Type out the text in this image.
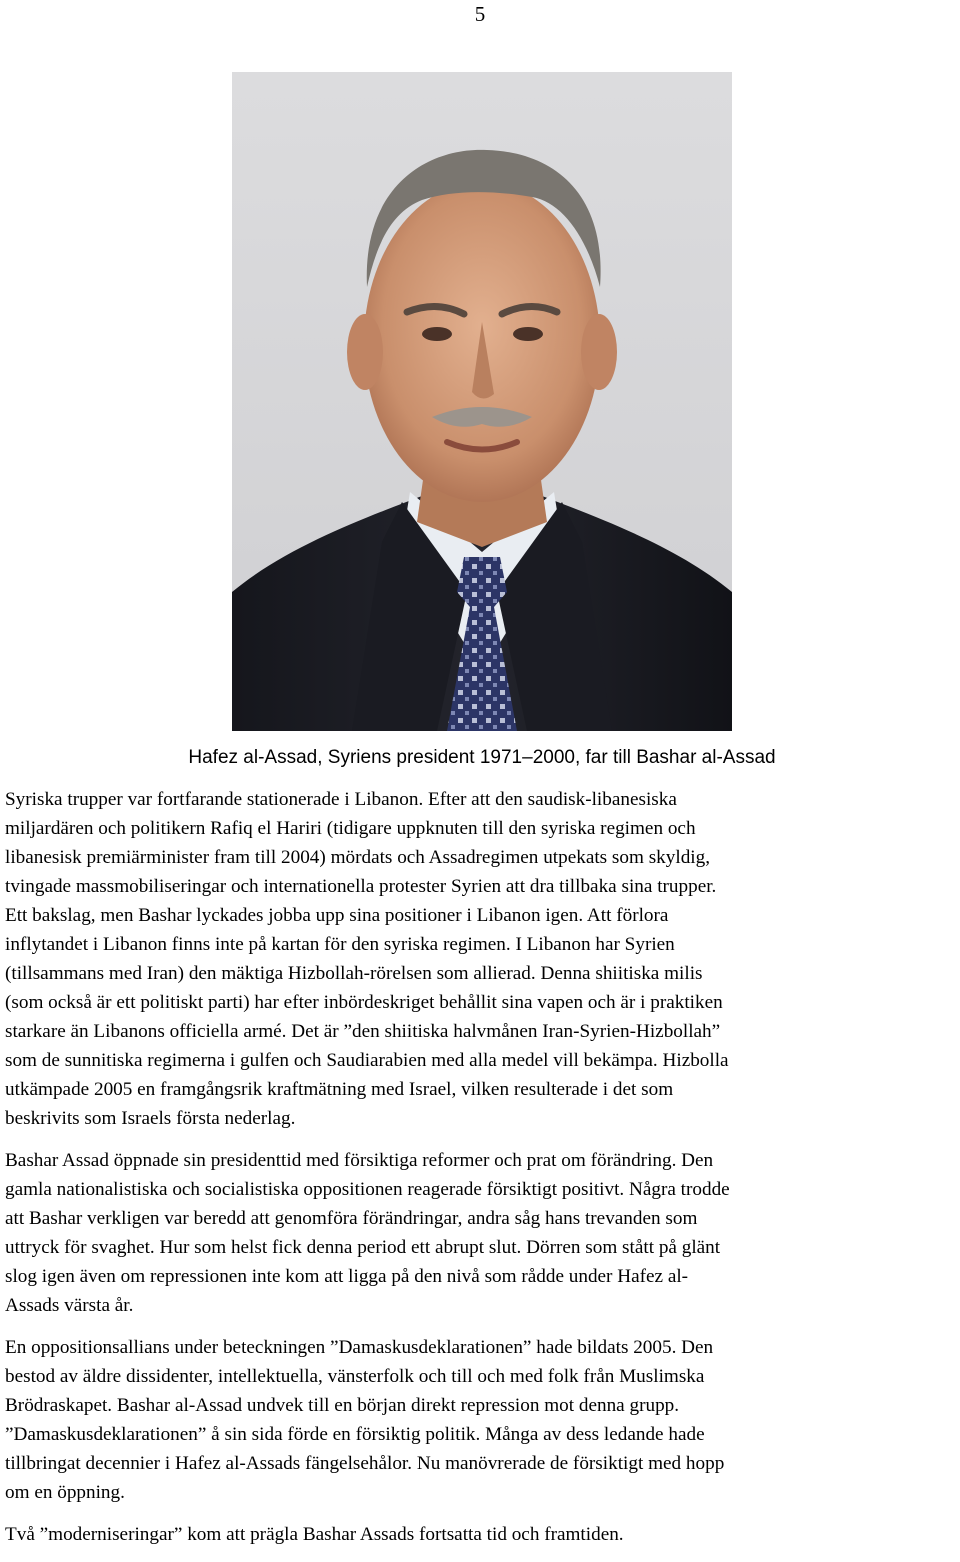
5
Hafez al-Assad, Syriens president 1971–2000, far till Bashar al-Assad

Syriska trupper var fortfarande stationerade i Libanon. Efter att den saudisk-libanesiska
miljardären och politikern Rafiq el Hariri (tidigare uppknuten till den syriska regimen och
libanesisk premiärminister fram till 2004) mördats och Assadregimen utpekats som skyldig,
tvingade massmobiliseringar och internationella protester Syrien att dra tillbaka sina trupper.
Ett bakslag, men Bashar lyckades jobba upp sina positioner i Libanon igen. Att förlora
inflytandet i Libanon finns inte på kartan för den syriska regimen. I Libanon har Syrien
(tillsammans med Iran) den mäktiga Hizbollah-rörelsen som allierad. Denna shiitiska milis
(som också är ett politiskt parti) har efter inbördeskriget behållit sina vapen och är i praktiken
starkare än Libanons officiella armé. Det är ”den shiitiska halvmånen Iran-Syrien-Hizbollah”
som de sunnitiska regimerna i gulfen och Saudiarabien med alla medel vill bekämpa. Hizbolla
utkämpade 2005 en framgångsrik kraftmätning med Israel, vilken resulterade i det som
beskrivits som Israels första nederlag.

Bashar Assad öppnade sin presidenttid med försiktiga reformer och prat om förändring. Den
gamla nationalistiska och socialistiska oppositionen reagerade försiktigt positivt. Några trodde
att Bashar verkligen var beredd att genomföra förändringar, andra såg hans trevanden som
uttryck för svaghet. Hur som helst fick denna period ett abrupt slut. Dörren som stått på glänt
slog igen även om repressionen inte kom att ligga på den nivå som rådde under Hafez al-
Assads värsta år.

En oppositionsallians under beteckningen ”Damaskusdeklarationen” hade bildats 2005. Den
bestod av äldre dissidenter, intellektuella, vänsterfolk och till och med folk från Muslimska
Brödraskapet. Bashar al-Assad undvek till en början direkt repression mot denna grupp.
”Damaskusdeklarationen” å sin sida förde en försiktig politik. Många av dess ledande hade
tillbringat decennier i Hafez al-Assads fängelsehålor. Nu manövrerade de försiktigt med hopp
om en öppning.

Två ”moderniseringar” kom att prägla Bashar Assads fortsatta tid och framtiden.
